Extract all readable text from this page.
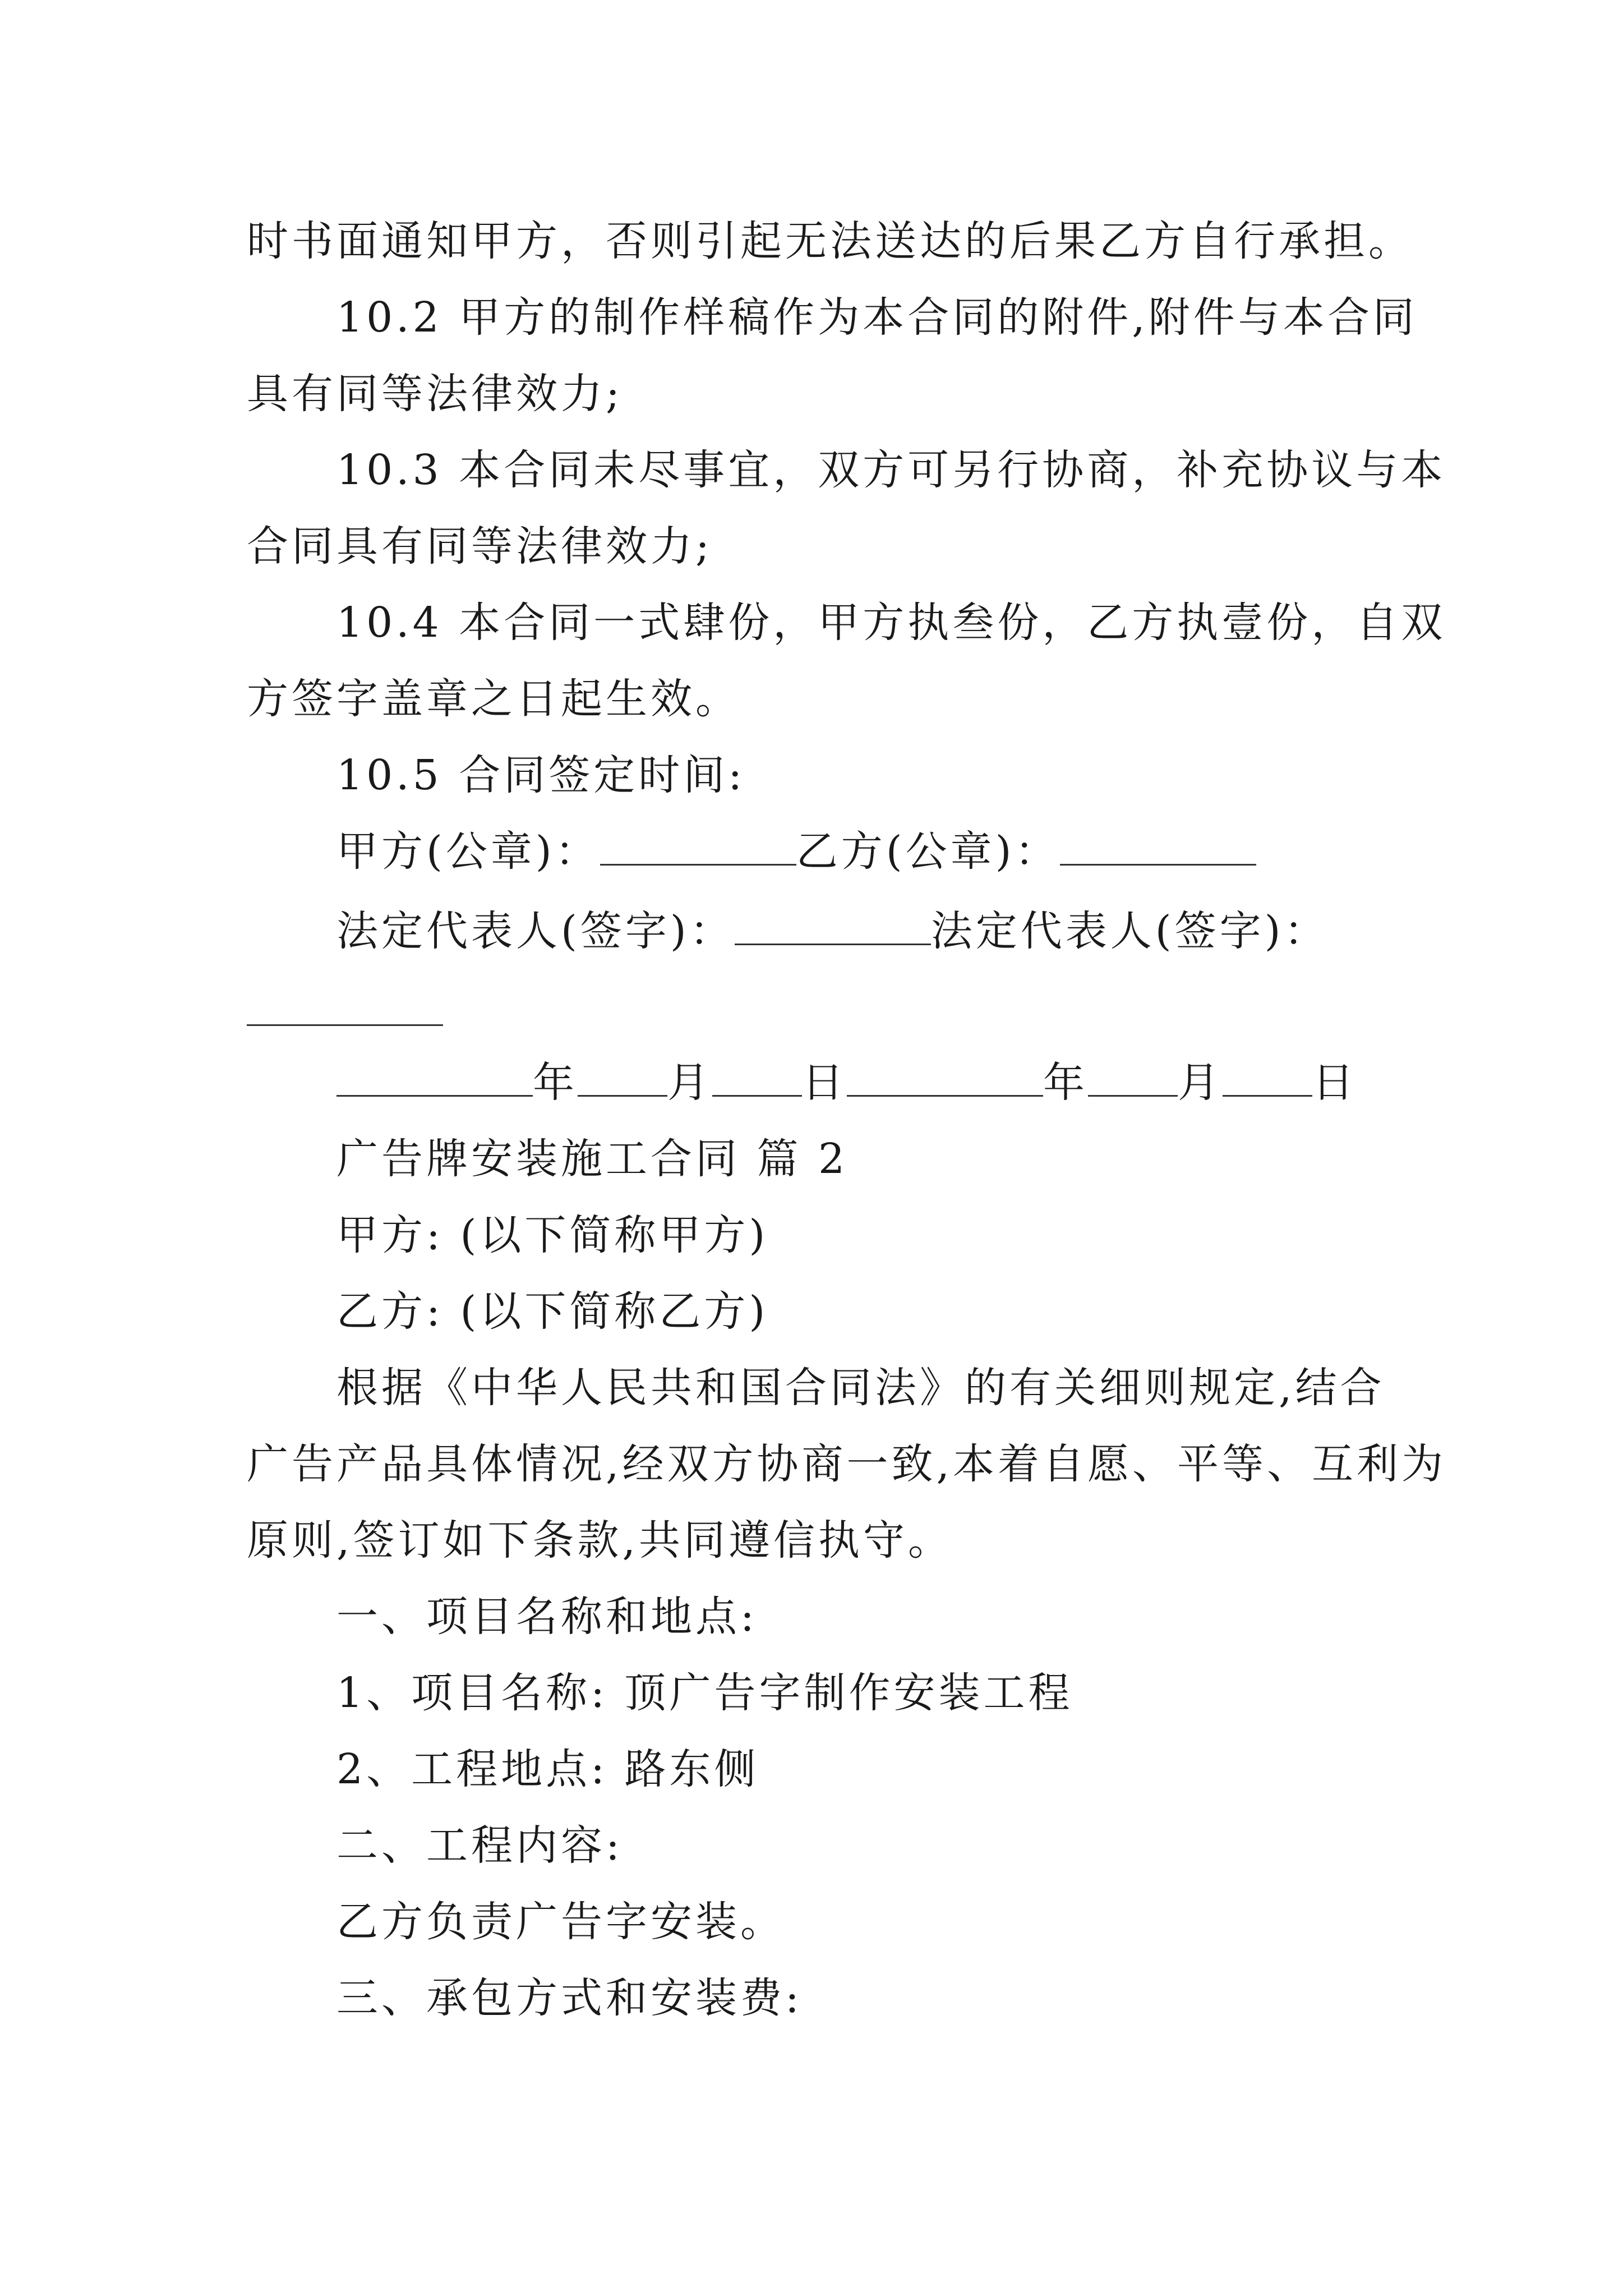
时书面通知甲方，否则引起无法送达的后果乙方自行承担。
10.2 甲方的制作样稿作为本合同的附件,附件与本合同
具有同等法律效力;
10.3 本合同未尽事宜，双方可另行协商，补充协议与本
合同具有同等法律效力;
10.4 本合同一式肆份，甲方执叁份，乙方执壹份，自双
方签字盖章之日起生效。
10.5 合同签定时间:
甲方(公章)：	乙方(公章)：
法定代表人(签字)：	法定代表人(签字)：
年 月 日	年 月 日
广告牌安装施工合同 篇 2
甲方: (以下简称甲方)
乙方: (以下简称乙方)
根据《中华人民共和国合同法》的有关细则规定,结合
广告产品具体情况,经双方协商一致,本着自愿、平等、互利为
原则,签订如下条款,共同遵信执守。
一、项目名称和地点:
1、项目名称: 顶广告字制作安装工程
2、工程地点: 路东侧
二、工程内容:
乙方负责广告字安装。
三、承包方式和安装费:
